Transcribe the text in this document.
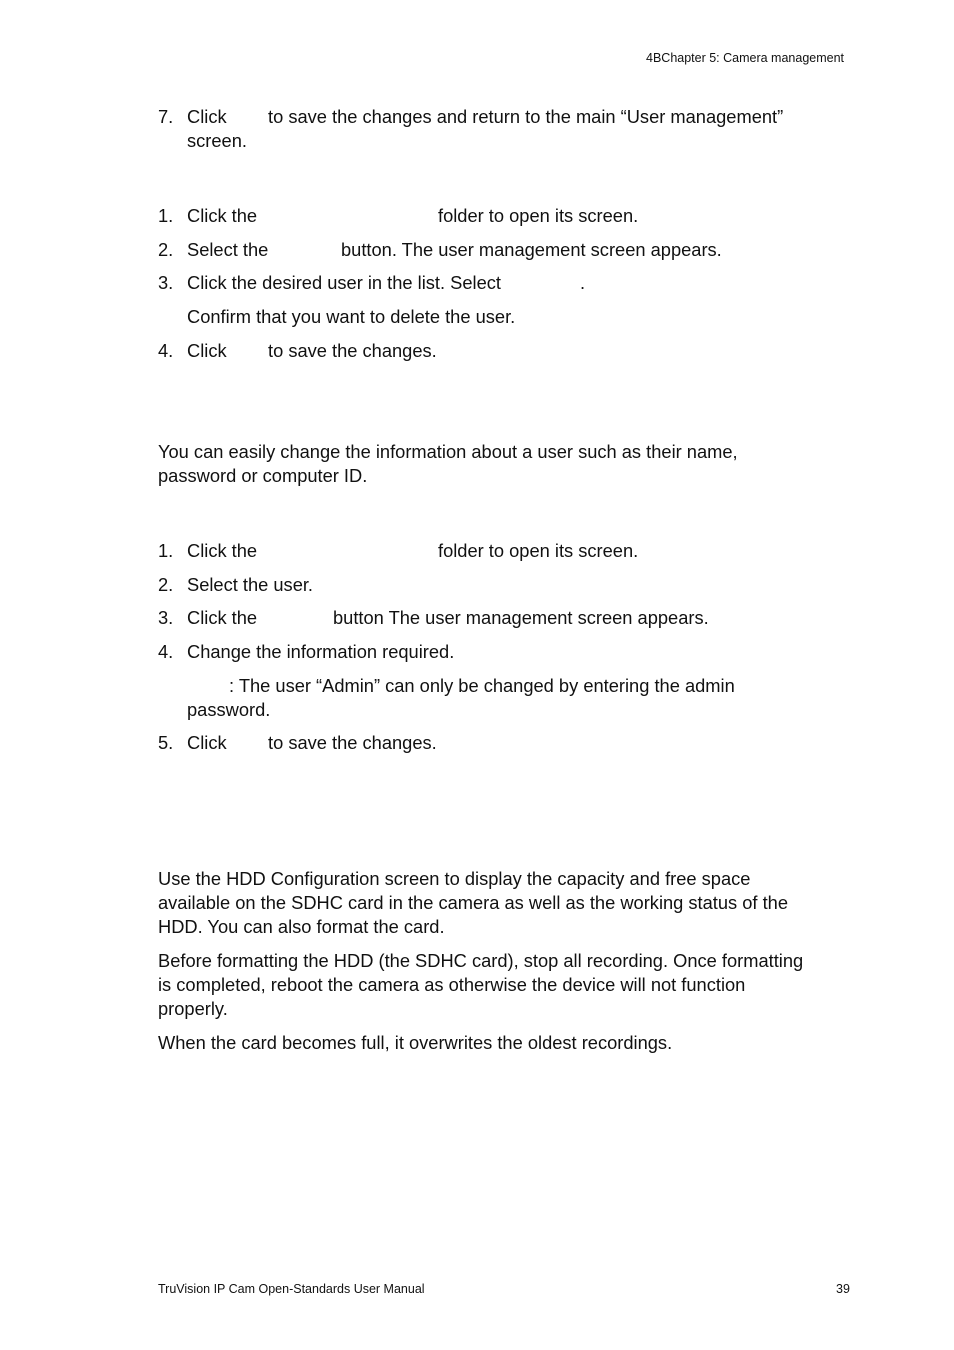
4BChapter 5: Camera management
7. Click to save the changes and return to the main “User management”
screen.
1. Click the	folder to open its screen.
2. Select the	button. The user management screen appears.
3. Click the desired user in the list. Select	.
Confirm that you want to delete the user.
4. Click to save the changes.
You can easily change the information about a user such as their name,
password or computer ID.
1. Click the	folder to open its screen.
2. Select the user.
3. Click the	button The user management screen appears.
4. Change the information required.
: The user “Admin” can only be changed by entering the admin
password.
5. Click to save the changes.
Use the HDD Configuration screen to display the capacity and free space
available on the SDHC card in the camera as well as the working status of the
HDD. You can also format the card.
Before formatting the HDD (the SDHC card), stop all recording. Once formatting
is completed, reboot the camera as otherwise the device will not function
properly.
When the card becomes full, it overwrites the oldest recordings.
TruVision IP Cam Open-Standards User Manual	39
